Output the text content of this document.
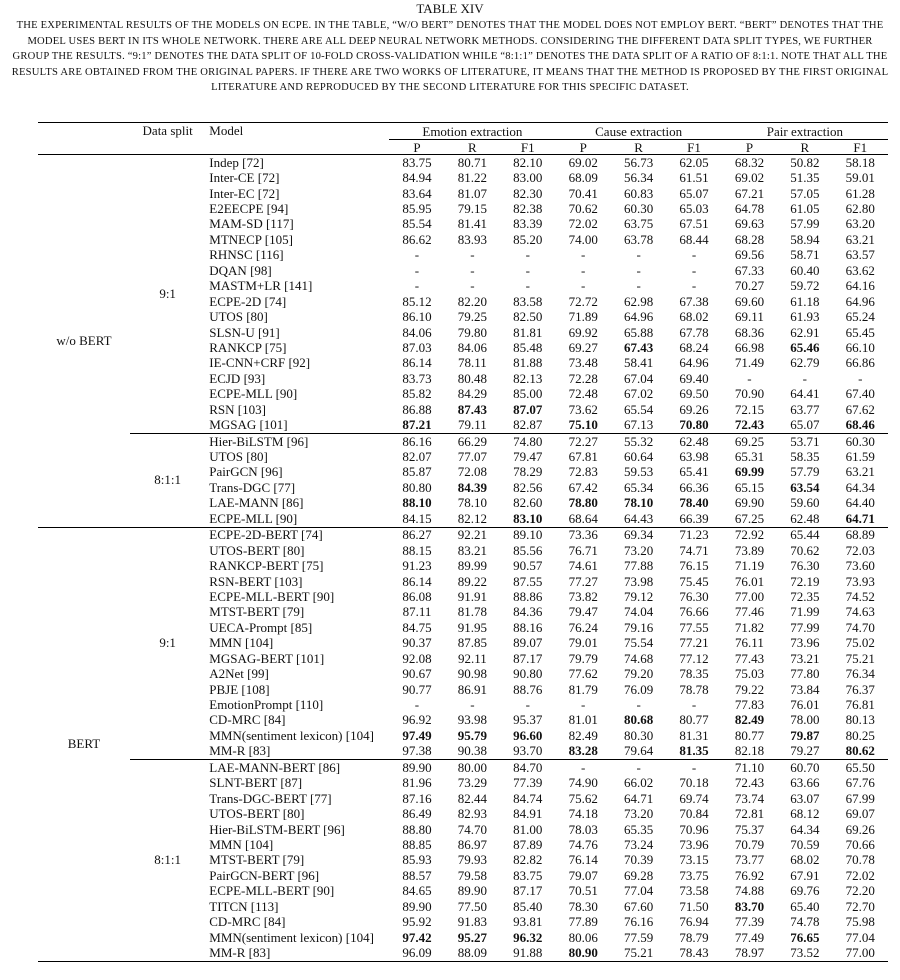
TABLE XIV
THE EXPERIMENTAL RESULTS OF THE MODELS ON ECPE. IN THE TABLE, “W/O BERT” DENOTES THAT THE MODEL DOES NOT EMPLOY BERT. “BERT” DENOTES THAT THE MODEL USES BERT IN ITS WHOLE NETWORK. THERE ARE ALL DEEP NEURAL NETWORK METHODS. CONSIDERING THE DIFFERENT DATA SPLIT TYPES, WE FURTHER GROUP THE RESULTS. “9:1” DENOTES THE DATA SPLIT OF 10-FOLD CROSS-VALIDATION WHILE “8:1:1” DENOTES THE DATA SPLIT OF A RATIO OF 8:1:1. NOTE THAT ALL THE RESULTS ARE OBTAINED FROM THE ORIGINAL PAPERS. IF THERE ARE TWO WORKS OF LITERATURE, IT MEANS THAT THE METHOD IS PROPOSED BY THE FIRST ORIGINAL LITERATURE AND REPRODUCED BY THE SECOND LITERATURE FOR THIS SPECIFIC DATASET.
	Data split	Model	Emotion extraction			Cause extraction			Pair extraction		
			P	R	F1	P	R	F1	P	R	F1
w/o BERT	9:1	Indep [72]	83.75	80.71	82.10	69.02	56.73	62.05	68.32	50.82	58.18
		Inter-CE [72]	84.94	81.22	83.00	68.09	56.34	61.51	69.02	51.35	59.01
		Inter-EC [72]	83.64	81.07	82.30	70.41	60.83	65.07	67.21	57.05	61.28
		E2EECPE [94]	85.95	79.15	82.38	70.62	60.30	65.03	64.78	61.05	62.80
		MAM-SD [117]	85.54	81.41	83.39	72.02	63.75	67.51	69.63	57.99	63.20
		MTNECP [105]	86.62	83.93	85.20	74.00	63.78	68.44	68.28	58.94	63.21
		RHNSC [116]	-	-	-	-	-	-	69.56	58.71	63.57
		DQAN [98]	-	-	-	-	-	-	67.33	60.40	63.62
		MASTM+LR [141]	-	-	-	-	-	-	70.27	59.72	64.16
		ECPE-2D [74]	85.12	82.20	83.58	72.72	62.98	67.38	69.60	61.18	64.96
		UTOS [80]	86.10	79.25	82.50	71.89	64.96	68.02	69.11	61.93	65.24
		SLSN-U [91]	84.06	79.80	81.81	69.92	65.88	67.78	68.36	62.91	65.45
		RANKCP [75]	87.03	84.06	85.48	69.27	67.43	68.24	66.98	65.46	66.10
		IE-CNN+CRF [92]	86.14	78.11	81.88	73.48	58.41	64.96	71.49	62.79	66.86
		ECJD [93]	83.73	80.48	82.13	72.28	67.04	69.40	-	-	-
		ECPE-MLL [90]	85.82	84.29	85.00	72.48	67.02	69.50	70.90	64.41	67.40
		RSN [103]	86.88	87.43	87.07	73.62	65.54	69.26	72.15	63.77	67.62
		MGSAG [101]	87.21	79.11	82.87	75.10	67.13	70.80	72.43	65.07	68.46
	8:1:1	Hier-BiLSTM [96]	86.16	66.29	74.80	72.27	55.32	62.48	69.25	53.71	60.30
		UTOS [80]	82.07	77.07	79.47	67.81	60.64	63.98	65.31	58.35	61.59
		PairGCN [96]	85.87	72.08	78.29	72.83	59.53	65.41	69.99	57.79	63.21
		Trans-DGC [77]	80.80	84.39	82.56	67.42	65.34	66.36	65.15	63.54	64.34
		LAE-MANN [86]	88.10	78.10	82.60	78.80	78.10	78.40	69.90	59.60	64.40
		ECPE-MLL [90]	84.15	82.12	83.10	68.64	64.43	66.39	67.25	62.48	64.71
BERT	9:1	ECPE-2D-BERT [74]	86.27	92.21	89.10	73.36	69.34	71.23	72.92	65.44	68.89
		UTOS-BERT [80]	88.15	83.21	85.56	76.71	73.20	74.71	73.89	70.62	72.03
		RANKCP-BERT [75]	91.23	89.99	90.57	74.61	77.88	76.15	71.19	76.30	73.60
		RSN-BERT [103]	86.14	89.22	87.55	77.27	73.98	75.45	76.01	72.19	73.93
		ECPE-MLL-BERT [90]	86.08	91.91	88.86	73.82	79.12	76.30	77.00	72.35	74.52
		MTST-BERT [79]	87.11	81.78	84.36	79.47	74.04	76.66	77.46	71.99	74.63
		UECA-Prompt [85]	84.75	91.95	88.16	76.24	79.16	77.55	71.82	77.99	74.70
		MMN [104]	90.37	87.85	89.07	79.01	75.54	77.21	76.11	73.96	75.02
		MGSAG-BERT [101]	92.08	92.11	87.17	79.79	74.68	77.12	77.43	73.21	75.21
		A2Net [99]	90.67	90.98	90.80	77.62	79.20	78.35	75.03	77.80	76.34
		PBJE [108]	90.77	86.91	88.76	81.79	76.09	78.78	79.22	73.84	76.37
		EmotionPrompt [110]	-	-	-	-	-	-	77.83	76.01	76.81
		CD-MRC [84]	96.92	93.98	95.37	81.01	80.68	80.77	82.49	78.00	80.13
		MMN(sentiment lexicon) [104]	97.49	95.79	96.60	82.49	80.30	81.31	80.77	79.87	80.25
		MM-R [83]	97.38	90.38	93.70	83.28	79.64	81.35	82.18	79.27	80.62
	8:1:1	LAE-MANN-BERT [86]	89.90	80.00	84.70	-	-	-	71.10	60.70	65.50
		SLNT-BERT [87]	81.96	73.29	77.39	74.90	66.02	70.18	72.43	63.66	67.76
		Trans-DGC-BERT [77]	87.16	82.44	84.74	75.62	64.71	69.74	73.74	63.07	67.99
		UTOS-BERT [80]	86.49	82.93	84.91	74.18	73.20	70.84	72.81	68.12	69.07
		Hier-BiLSTM-BERT [96]	88.80	74.70	81.00	78.03	65.35	70.96	75.37	64.34	69.26
		MMN [104]	88.85	86.97	87.89	74.76	73.24	73.96	70.79	70.59	70.66
		MTST-BERT [79]	85.93	79.93	82.82	76.14	70.39	73.15	73.77	68.02	70.78
		PairGCN-BERT [96]	88.57	79.58	83.75	79.07	69.28	73.75	76.92	67.91	72.02
		ECPE-MLL-BERT [90]	84.65	89.90	87.17	70.51	77.04	73.58	74.88	69.76	72.20
		TITCN [113]	89.90	77.50	85.40	78.30	67.60	71.50	83.70	65.40	72.70
		CD-MRC [84]	95.92	91.83	93.81	77.89	76.16	76.94	77.39	74.78	75.98
		MMN(sentiment lexicon) [104]	97.42	95.27	96.32	80.06	77.59	78.79	77.49	76.65	77.04
		MM-R [83]	96.09	88.09	91.88	80.90	75.21	78.43	78.97	73.52	77.00
